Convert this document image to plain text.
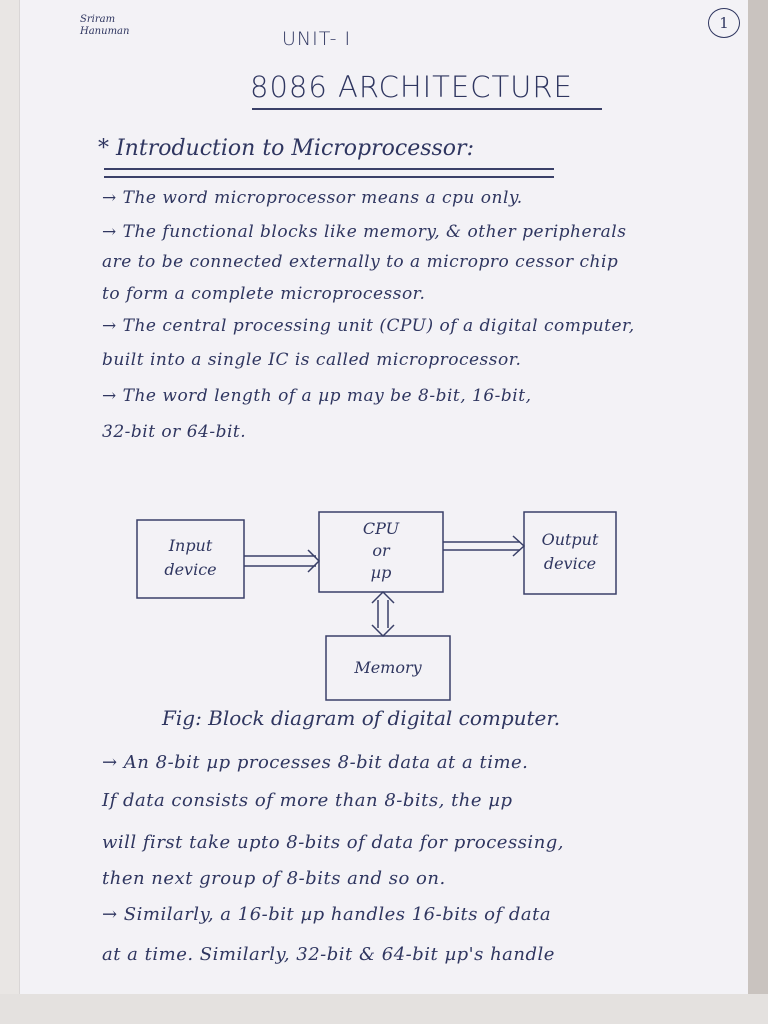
Sriram
Hanuman	1
UNIT- I
8086 ARCHITECTURE
* Introduction to Microprocessor:
→ The word microprocessor means a cpu only.
→ The functional blocks like memory, & other peripherals
are to be connected externally to a micropro cessor chip
to form a complete microprocessor.
→ The central processing unit (CPU) of a digital computer,
built into a single IC is called microprocessor.
→ The word length of a µp may be 8-bit, 16-bit,
32-bit or 64-bit.
Input
device
CPU
or
µp
Output
device
Memory
Fig: Block diagram of digital computer.
→ An 8-bit µp processes 8-bit data at a time.
If data consists of more than 8-bits, the µp
will first take upto 8-bits of data for processing,
then next group of 8-bits and so on.
→ Similarly, a 16-bit µp handles 16-bits of data
at a time. Similarly, 32-bit & 64-bit µp's handle
